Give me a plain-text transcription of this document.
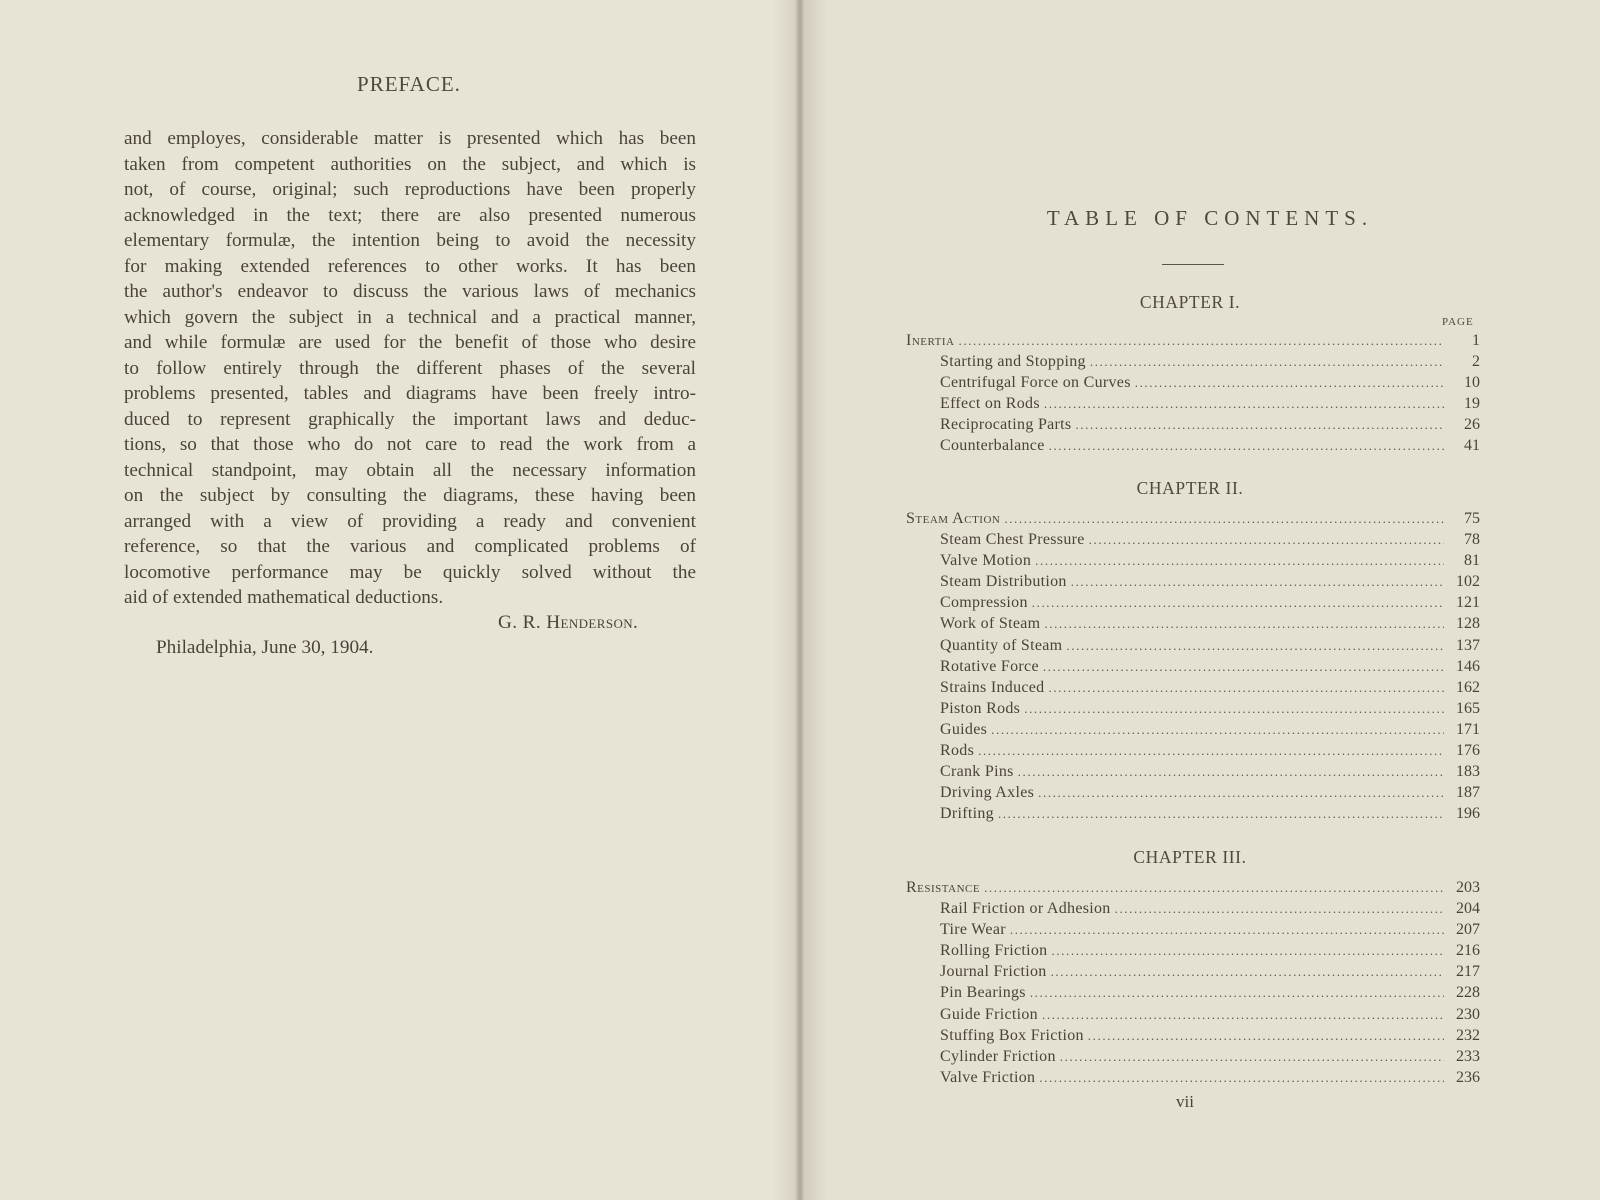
PREFACE.
and employes, considerable matter is presented which has been
taken from competent authorities on the subject, and which is
not, of course, original; such reproductions have been properly
acknowledged in the text; there are also presented numerous
elementary formulæ, the intention being to avoid the necessity
for making extended references to other works. It has been
the author's endeavor to discuss the various laws of mechanics
which govern the subject in a technical and a practical manner,
and while formulæ are used for the benefit of those who desire
to follow entirely through the different phases of the several
problems presented, tables and diagrams have been freely intro-
duced to represent graphically the important laws and deduc-
tions, so that those who do not care to read the work from a
technical standpoint, may obtain all the necessary information
on the subject by consulting the diagrams, these having been
arranged with a view of providing a ready and convenient
reference, so that the various and complicated problems of
locomotive performance may be quickly solved without the
aid of extended mathematical deductions.
G. R. Henderson.
Philadelphia, June 30, 1904.
TABLE OF CONTENTS.
CHAPTER I.
PAGE
Inertia .....	1
Starting and Stopping .....	2
Centrifugal Force on Curves .....	10
Effect on Rods .....	19
Reciprocating Parts .....	26
Counterbalance .....	41
CHAPTER II.
Steam Action .....	75
Steam Chest Pressure .....	78
Valve Motion .....	81
Steam Distribution .....	102
Compression .....	121
Work of Steam .....	128
Quantity of Steam .....	137
Rotative Force .....	146
Strains Induced .....	162
Piston Rods .....	165
Guides .....	171
Rods .....	176
Crank Pins .....	183
Driving Axles .....	187
Drifting .....	196
CHAPTER III.
Resistance .....	203
Rail Friction or Adhesion .....	204
Tire Wear .....	207
Rolling Friction .....	216
Journal Friction .....	217
Pin Bearings .....	228
Guide Friction .....	230
Stuffing Box Friction .....	232
Cylinder Friction .....	233
Valve Friction .....	236
vii
